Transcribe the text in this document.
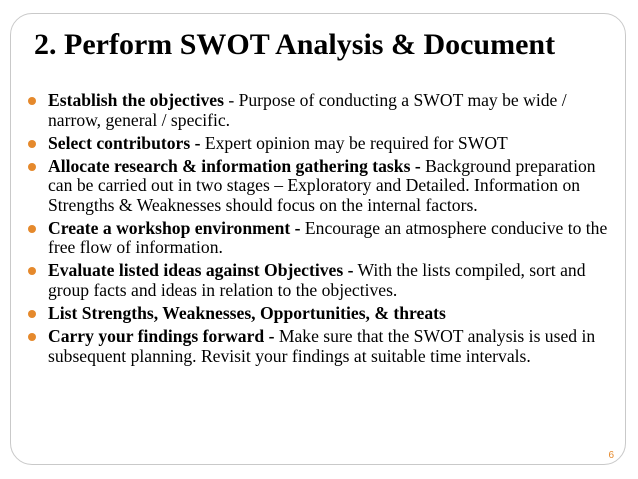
2. Perform SWOT Analysis & Document
Establish the objectives - Purpose of conducting a SWOT may be wide / narrow, general / specific.
Select contributors - Expert opinion may be required for SWOT
Allocate research & information gathering tasks - Background preparation can be carried out in two stages – Exploratory and Detailed. Information on Strengths & Weaknesses should focus on the internal factors.
Create a workshop environment - Encourage an atmosphere conducive to the free flow of information.
Evaluate listed ideas against Objectives - With the lists compiled, sort and group facts and ideas in relation to the objectives.
List Strengths, Weaknesses, Opportunities, & threats
Carry your findings forward - Make sure that the SWOT analysis is used in subsequent planning. Revisit your findings at suitable time intervals.
6
